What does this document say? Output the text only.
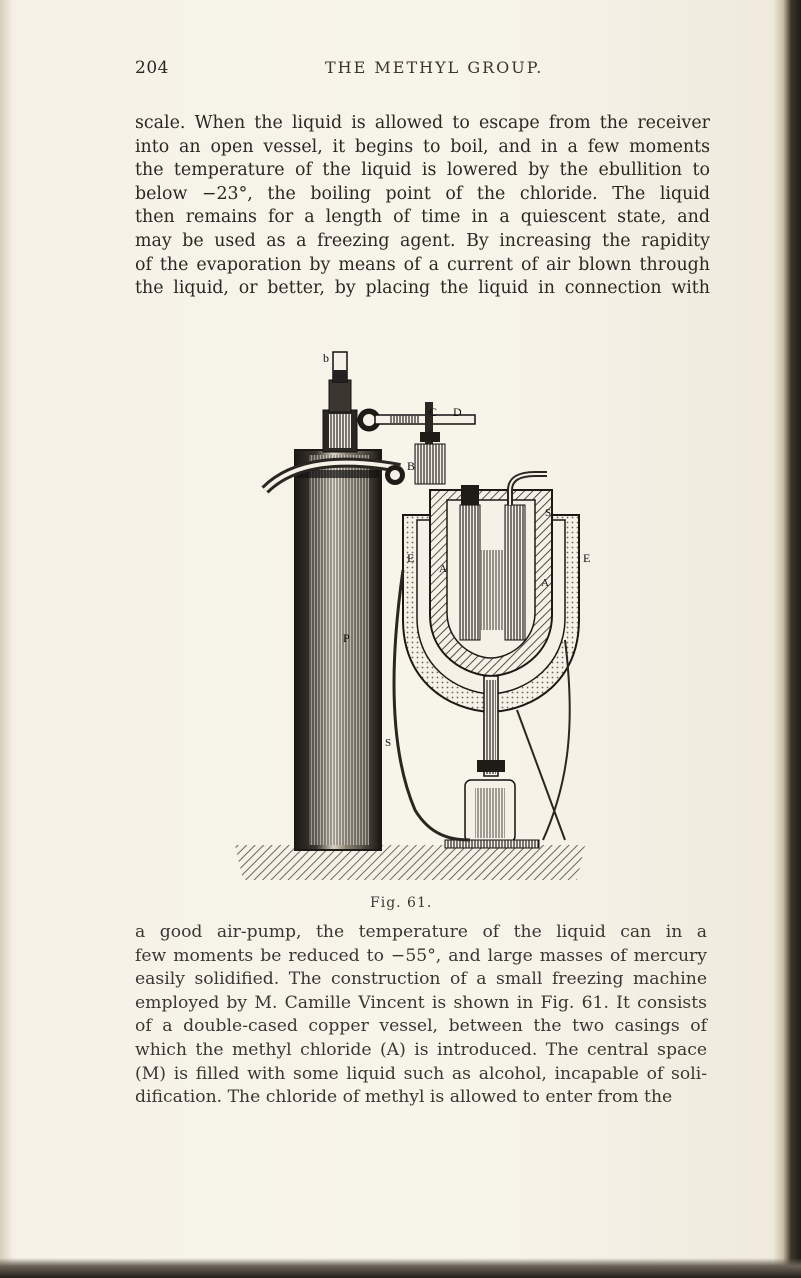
204	THE METHYL GROUP.

scale. When the liquid is allowed to escape from the receiver

into an open vessel, it begins to boil, and in a few moments

the temperature of the liquid is lowered by the ebullition to

below −23°, the boiling point of the chloride. The liquid

then remains for a length of time in a quiescent state, and

may be used as a freezing agent. By increasing the rapidity

of the evaporation by means of a current of air blown through

the liquid, or better, by placing the liquid in connection with

b
C D
B
S
E	E
A
A
P
S
Fig. 61.

a good air-pump, the temperature of the liquid can in a

few moments be reduced to −55°, and large masses of mercury

easily solidified. The construction of a small freezing machine

employed by M. Camille Vincent is shown in Fig. 61. It consists

of a double-cased copper vessel, between the two casings of

which the methyl chloride (A) is introduced. The central space

(M) is filled with some liquid such as alcohol, incapable of soli-

dification. The chloride of methyl is allowed to enter from the
